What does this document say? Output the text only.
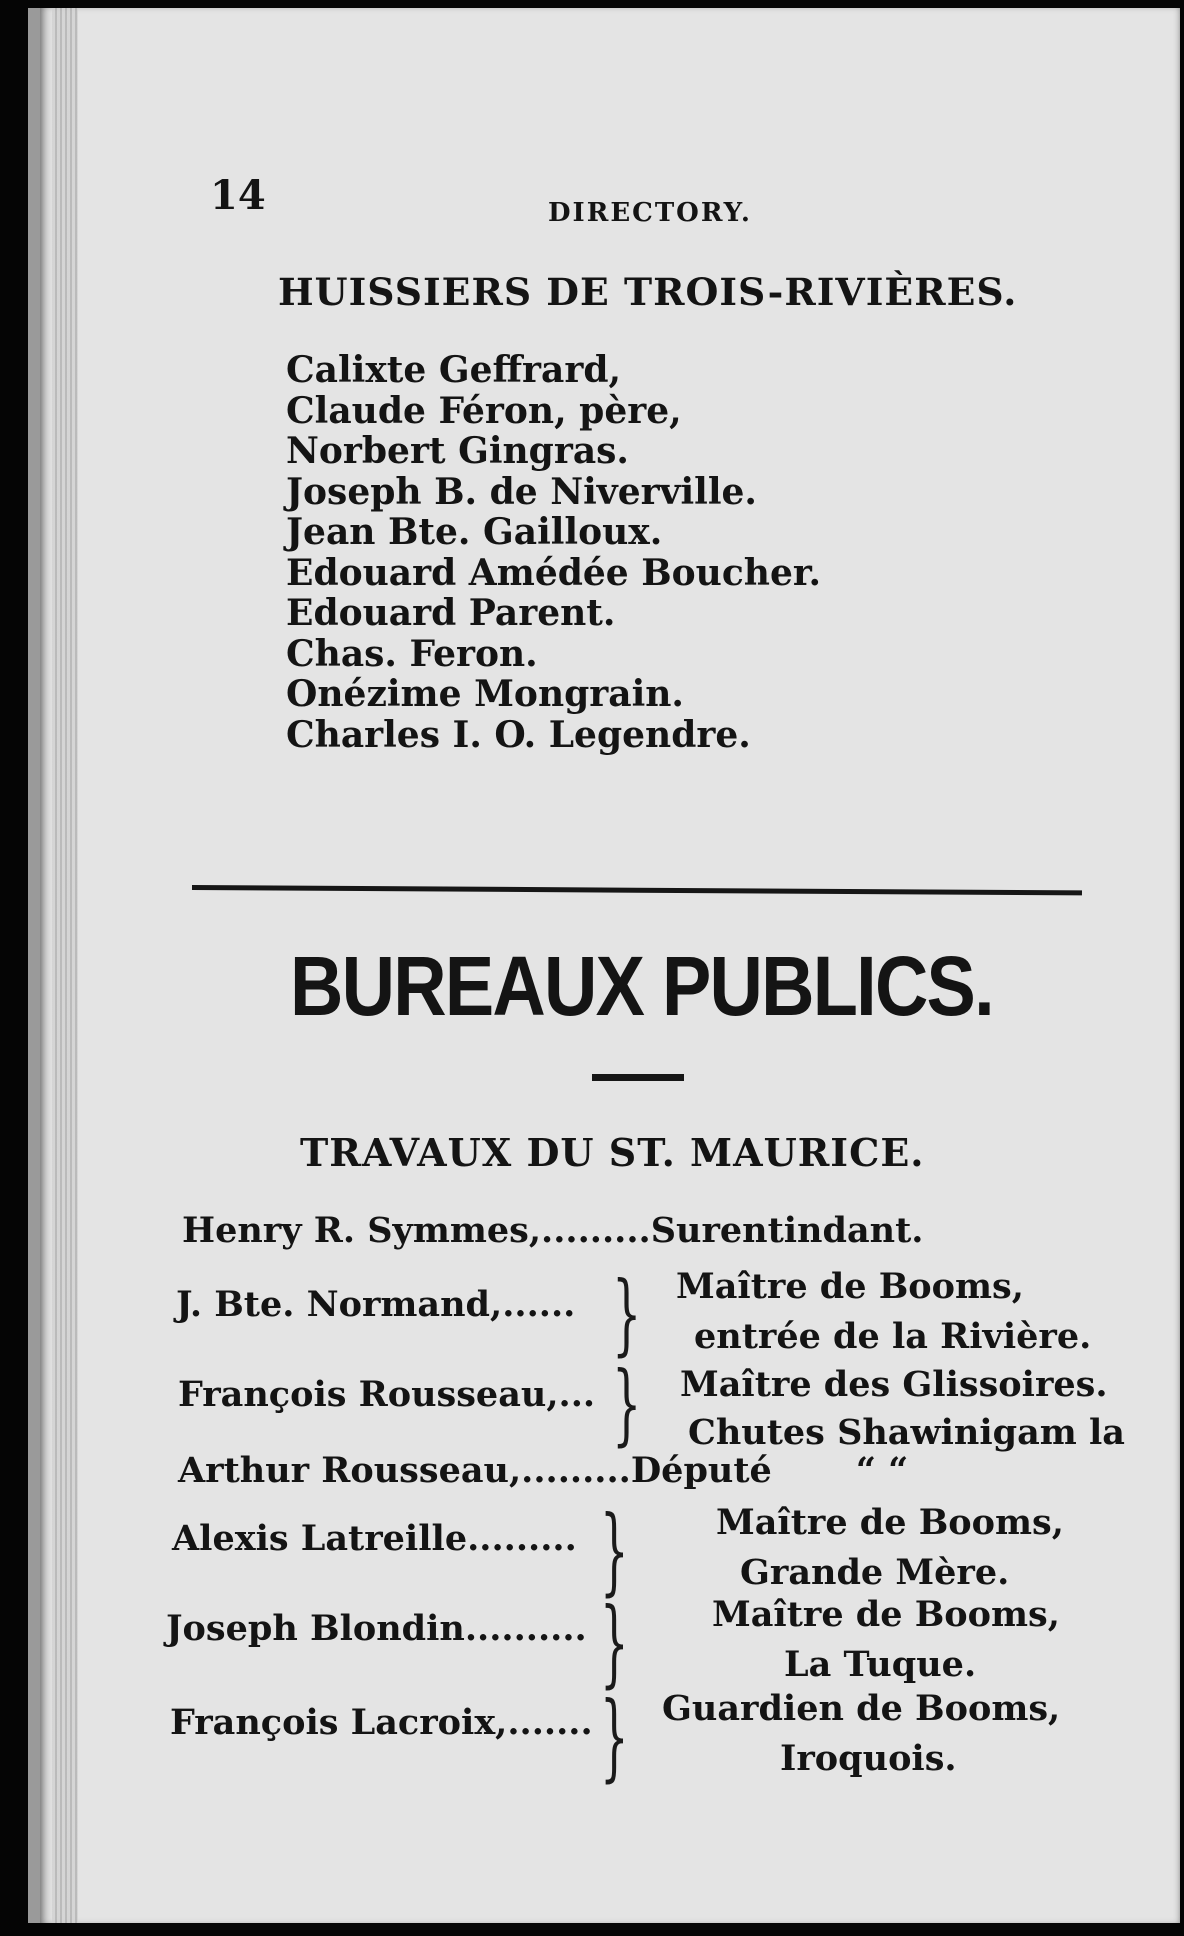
14	DIRECTORY.
HUISSIERS DE TROIS-RIVIÈRES.
Calixte Geffrard,
Claude Féron, père,
Norbert Gingras.
Joseph B. de Niverville.
Jean Bte. Gailloux.
Edouard Amédée Boucher.
Edouard Parent.
Chas. Feron.
Onézime Mongrain.
Charles I. O. Legendre.
BUREAUX PUBLICS.
TRAVAUX DU ST. MAURICE.
Henry R. Symmes,.........Surentindant.
J. Bte. Normand,...... } Maître de Booms,
entrée de la Rivière.
François Rousseau,... } Maître des Glissoires.
Chutes Shawinigam la
Arthur Rousseau,.........Député “ “
Alexis Latreille......... } Maître de Booms,
Grande Mère.
Joseph Blondin.......... } Maître de Booms,
La Tuque.
François Lacroix,....... } Guardien de Booms,
Iroquois.
